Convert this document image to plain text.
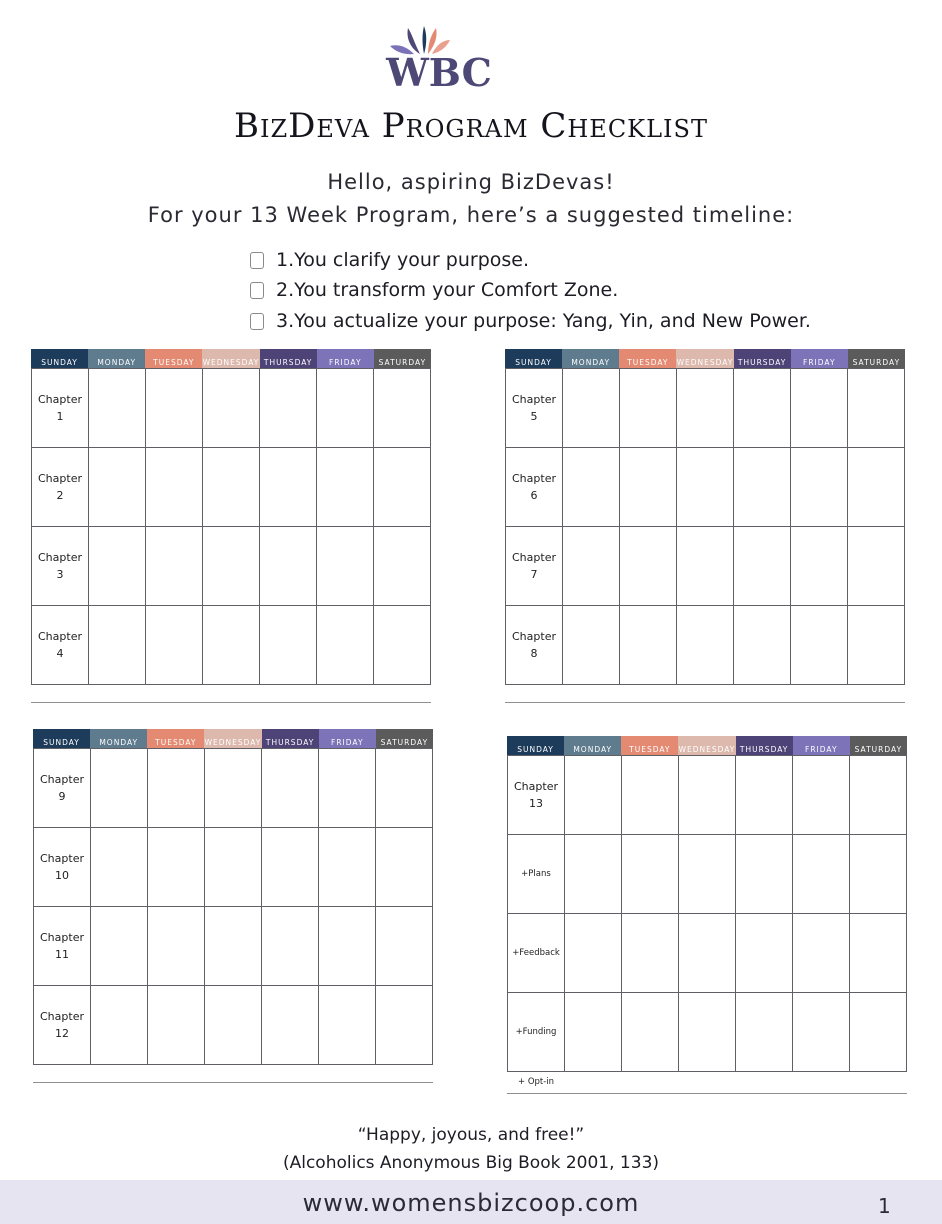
WBC
BizDeva Program Checklist
Hello, aspiring BizDevas!
For your 13 Week Program, here’s a suggested timeline:
1.You clarify your purpose.
2.You transform your Comfort Zone.
3.You actualize your purpose: Yang, Yin, and New Power.
SUNDAY	MONDAY	TUESDAY	WEDNESDAY THURSDAY	FRIDAY	SATURDAY
Chapter
1
Chapter
2
Chapter
3
Chapter
4
SUNDAY	MONDAY	TUESDAY	WEDNESDAY THURSDAY	FRIDAY	SATURDAY
Chapter
5
Chapter
6
Chapter
7
Chapter
8
SUNDAY	MONDAY	TUESDAY	WEDNESDAY THURSDAY	FRIDAY	SATURDAY
Chapter
9
Chapter
10
Chapter
11
Chapter
12
SUNDAY	MONDAY	TUESDAY	WEDNESDAY THURSDAY	FRIDAY	SATURDAY
Chapter
13
+Plans
+Feedback
+Funding
+ Opt-in
“Happy, joyous, and free!”
(Alcoholics Anonymous Big Book 2001, 133)
www.womensbizcoop.com	1
